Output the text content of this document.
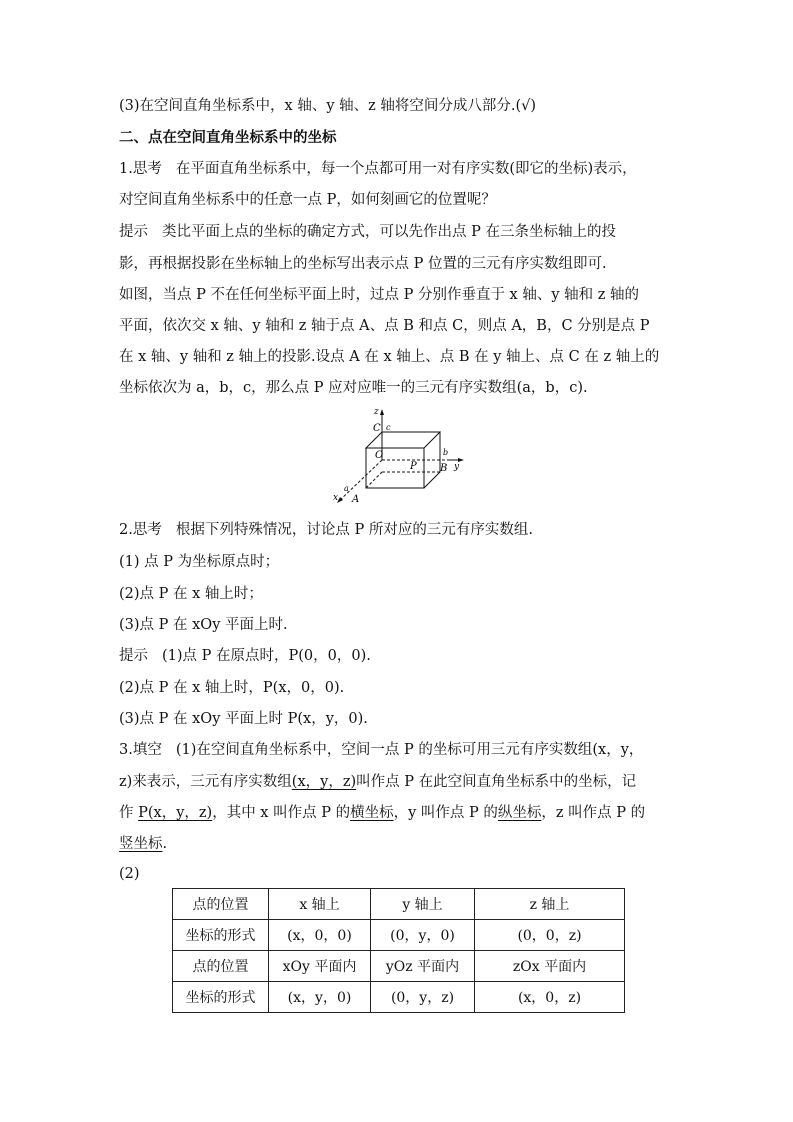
(3)在空间直角坐标系中，x 轴、y 轴、z 轴将空间分成八部分.(√)
二、点在空间直角坐标系中的坐标
1.思考 在平面直角坐标系中，每一个点都可用一对有序实数(即它的坐标)表示，
对空间直角坐标系中的任意一点 P，如何刻画它的位置呢？
提示 类比平面上点的坐标的确定方式，可以先作出点 P 在三条坐标轴上的投
影，再根据投影在坐标轴上的坐标写出表示点 P 位置的三元有序实数组即可.
如图，当点 P 不在任何坐标平面上时，过点 P 分别作垂直于 x 轴、y 轴和 z 轴的
平面，依次交 x 轴、y 轴和 z 轴于点 A、点 B 和点 C，则点 A，B，C 分别是点 P
在 x 轴、y 轴和 z 轴上的投影.设点 A 在 x 轴上、点 B 在 y 轴上、点 C 在 z 轴上的
坐标依次为 a，b，c，那么点 P 应对应唯一的三元有序实数组(a，b，c).
z
C c
O	b
P B y
a
x A
2.思考 根据下列特殊情况，讨论点 P 所对应的三元有序实数组.
(1) 点 P 为坐标原点时；
(2)点 P 在 x 轴上时；
(3)点 P 在 xOy 平面上时.
提示 (1)点 P 在原点时，P(0，0，0).
(2)点 P 在 x 轴上时，P(x，0，0).
(3)点 P 在 xOy 平面上时 P(x，y，0).
3.填空 (1)在空间直角坐标系中，空间一点 P 的坐标可用三元有序实数组(x，y，
z)来表示，三元有序实数组(x，y，z)叫作点 P 在此空间直角坐标系中的坐标，记
作 P(x，y，z)，其中 x 叫作点 P 的横坐标，y 叫作点 P 的纵坐标，z 叫作点 P 的
竖坐标.
(2)
点的位置	x 轴上	y 轴上	z 轴上
坐标的形式	(x，0，0)	(0，y，0)	(0，0，z)
点的位置	xOy 平面内	yOz 平面内	zOx 平面内
坐标的形式	(x，y，0)	(0，y，z)	(x，0，z)
